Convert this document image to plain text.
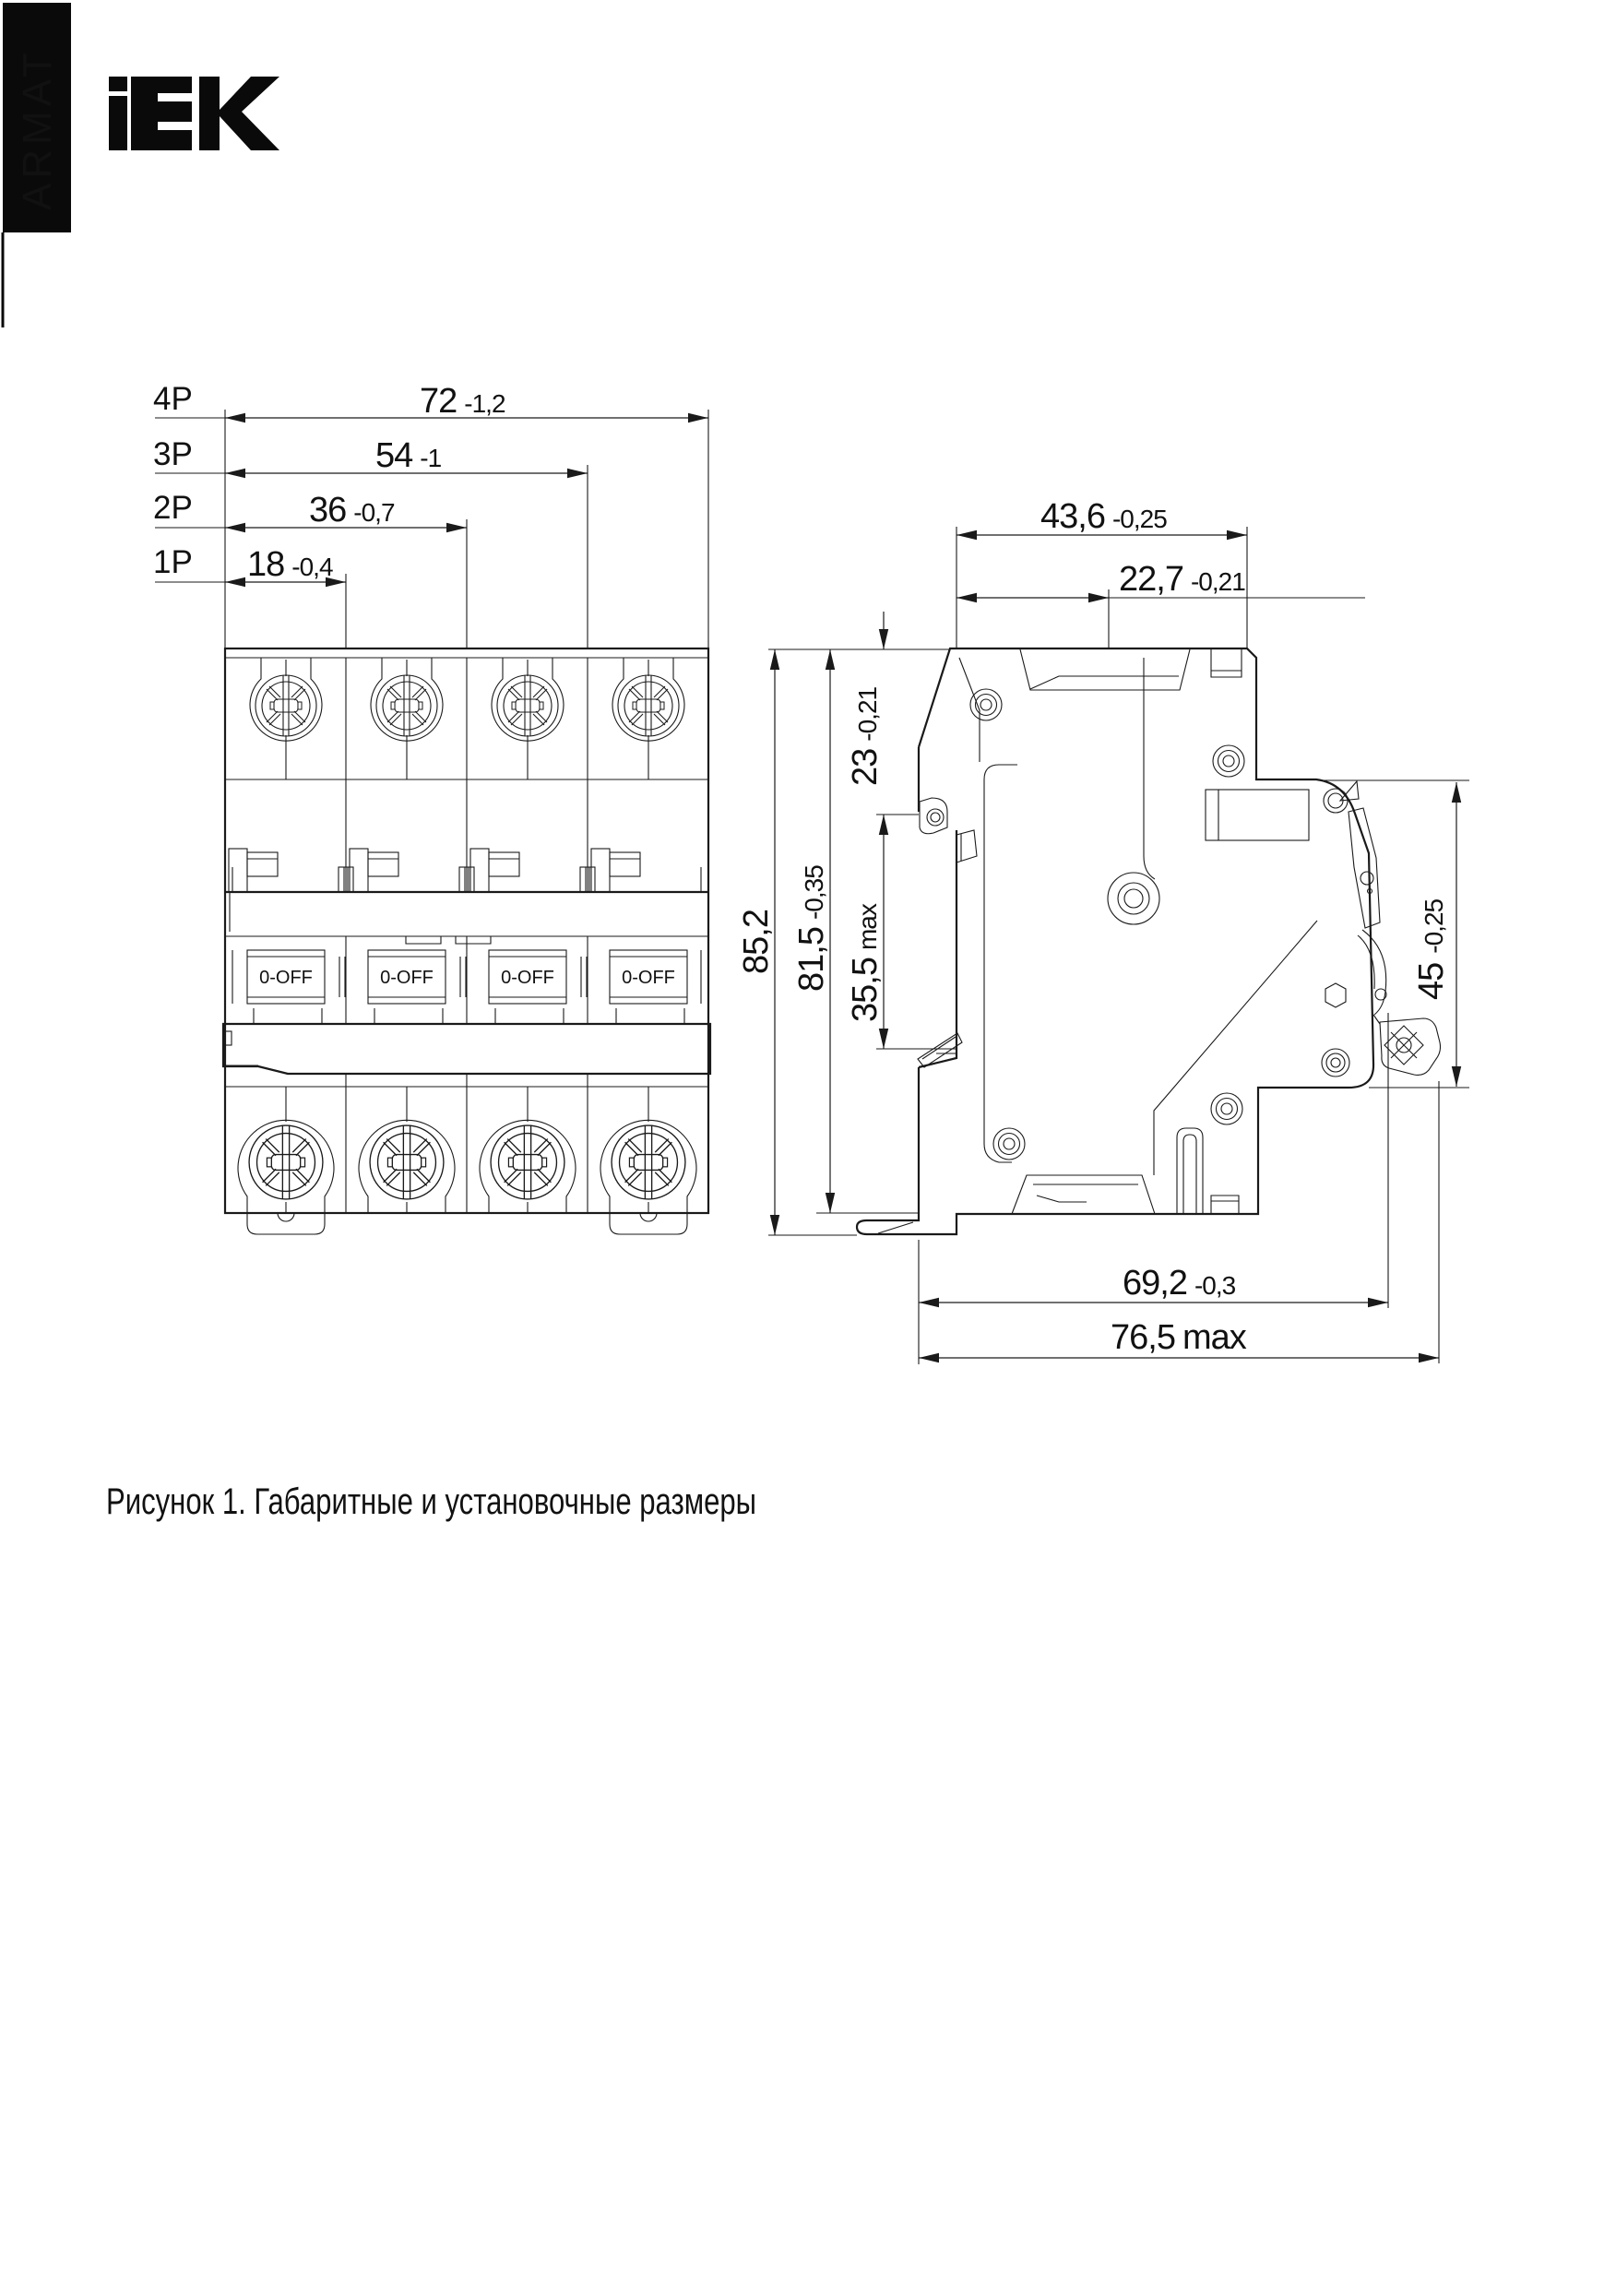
ARMAT
0-OFF	0-OFF	0-OFF	0-OFF
4P
3P
2P
1P
72 -1,2
54 -1
36 -0,7
18 -0,4
43,6 -0,25
22,7 -0,21
23-0,21
35,5max
81,5-0,35
85,2
45-0,25
69,2 -0,3
76,5 max
Рисунок 1. Габаритные и установочные размеры
